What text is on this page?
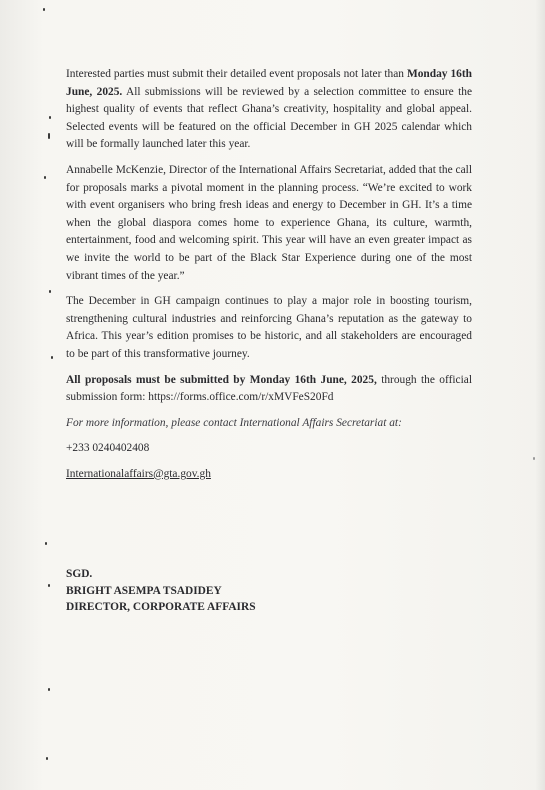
Interested parties must submit their detailed event proposals not later than Monday 16th June, 2025. All submissions will be reviewed by a selection committee to ensure the highest quality of events that reflect Ghana’s creativity, hospitality and global appeal. Selected events will be featured on the official December in GH 2025 calendar which will be formally launched later this year.

Annabelle McKenzie, Director of the International Affairs Secretariat, added that the call for proposals marks a pivotal moment in the planning process. “We’re excited to work with event organisers who bring fresh ideas and energy to December in GH. It’s a time when the global diaspora comes home to experience Ghana, its culture, warmth, entertainment, food and welcoming spirit. This year will have an even greater impact as we invite the world to be part of the Black Star Experience during one of the most vibrant times of the year.”

The December in GH campaign continues to play a major role in boosting tourism, strengthening cultural industries and reinforcing Ghana’s reputation as the gateway to Africa. This year’s edition promises to be historic, and all stakeholders are encouraged to be part of this transformative journey.

All proposals must be submitted by Monday 16th June, 2025, through the official submission form: https://forms.office.com/r/xMVFeS20Fd

For more information, please contact International Affairs Secretariat at:

+233 0240402408

Internationalaffairs@gta.gov.gh

SGD.
BRIGHT ASEMPA TSADIDEY
DIRECTOR, CORPORATE AFFAIRS
